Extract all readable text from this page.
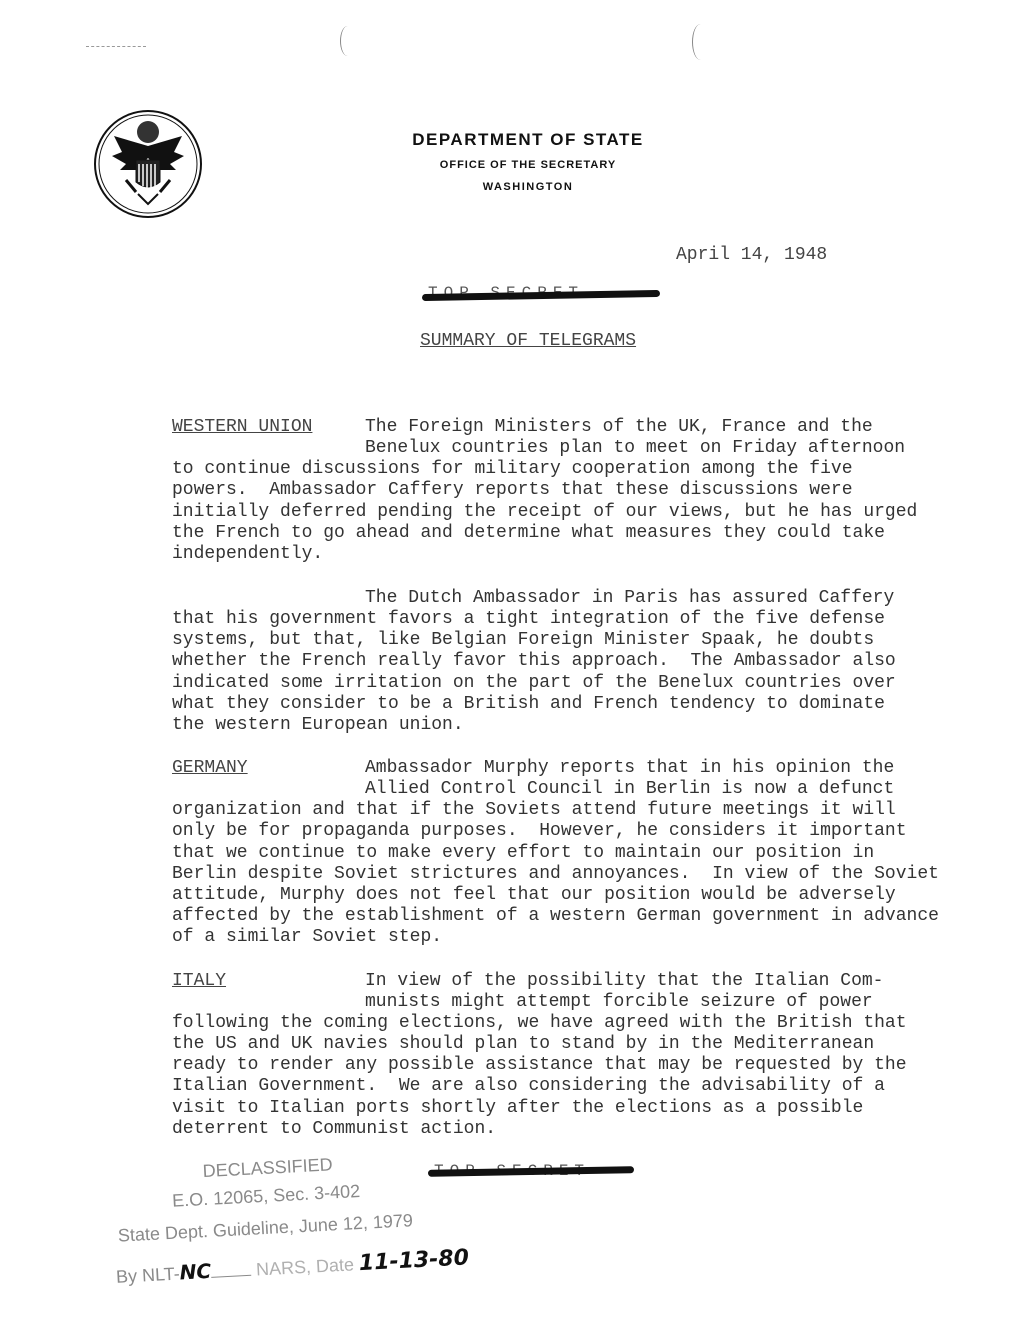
DEPARTMENT OF STATE
OFFICE OF THE SECRETARY
WASHINGTON
April 14, 1948
SUMMARY OF TELEGRAMS
WESTERN UNION	The Foreign Ministers of the UK, France and the
Benelux countries plan to meet on Friday afternoon
to continue discussions for military cooperation among the five
powers.  Ambassador Caffery reports that these discussions were
initially deferred pending the receipt of our views, but he has urged
the French to go ahead and determine what measures they could take
independently.
The Dutch Ambassador in Paris has assured Caffery
that his government favors a tight integration of the five defense
systems, but that, like Belgian Foreign Minister Spaak, he doubts
whether the French really favor this approach.  The Ambassador also
indicated some irritation on the part of the Benelux countries over
what they consider to be a British and French tendency to dominate
the western European union.
GERMANY	Ambassador Murphy reports that in his opinion the
Allied Control Council in Berlin is now a defunct
organization and that if the Soviets attend future meetings it will
only be for propaganda purposes.  However, he considers it important
that we continue to make every effort to maintain our position in
Berlin despite Soviet strictures and annoyances.  In view of the Soviet
attitude, Murphy does not feel that our position would be adversely
affected by the establishment of a western German government in advance
of a similar Soviet step.
ITALY	In view of the possibility that the Italian Com-
munists might attempt forcible seizure of power
following the coming elections, we have agreed with the British that
the US and UK navies should plan to stand by in the Mediterranean
ready to render any possible assistance that may be requested by the
Italian Government.  We are also considering the advisability of a
visit to Italian ports shortly after the elections as a possible
deterrent to Communist action.
DECLASSIFIED
E.O. 12065, Sec. 3-402
State Dept. Guideline, June 12, 1979
By NLT-NC NARS, Date 11-13-80
